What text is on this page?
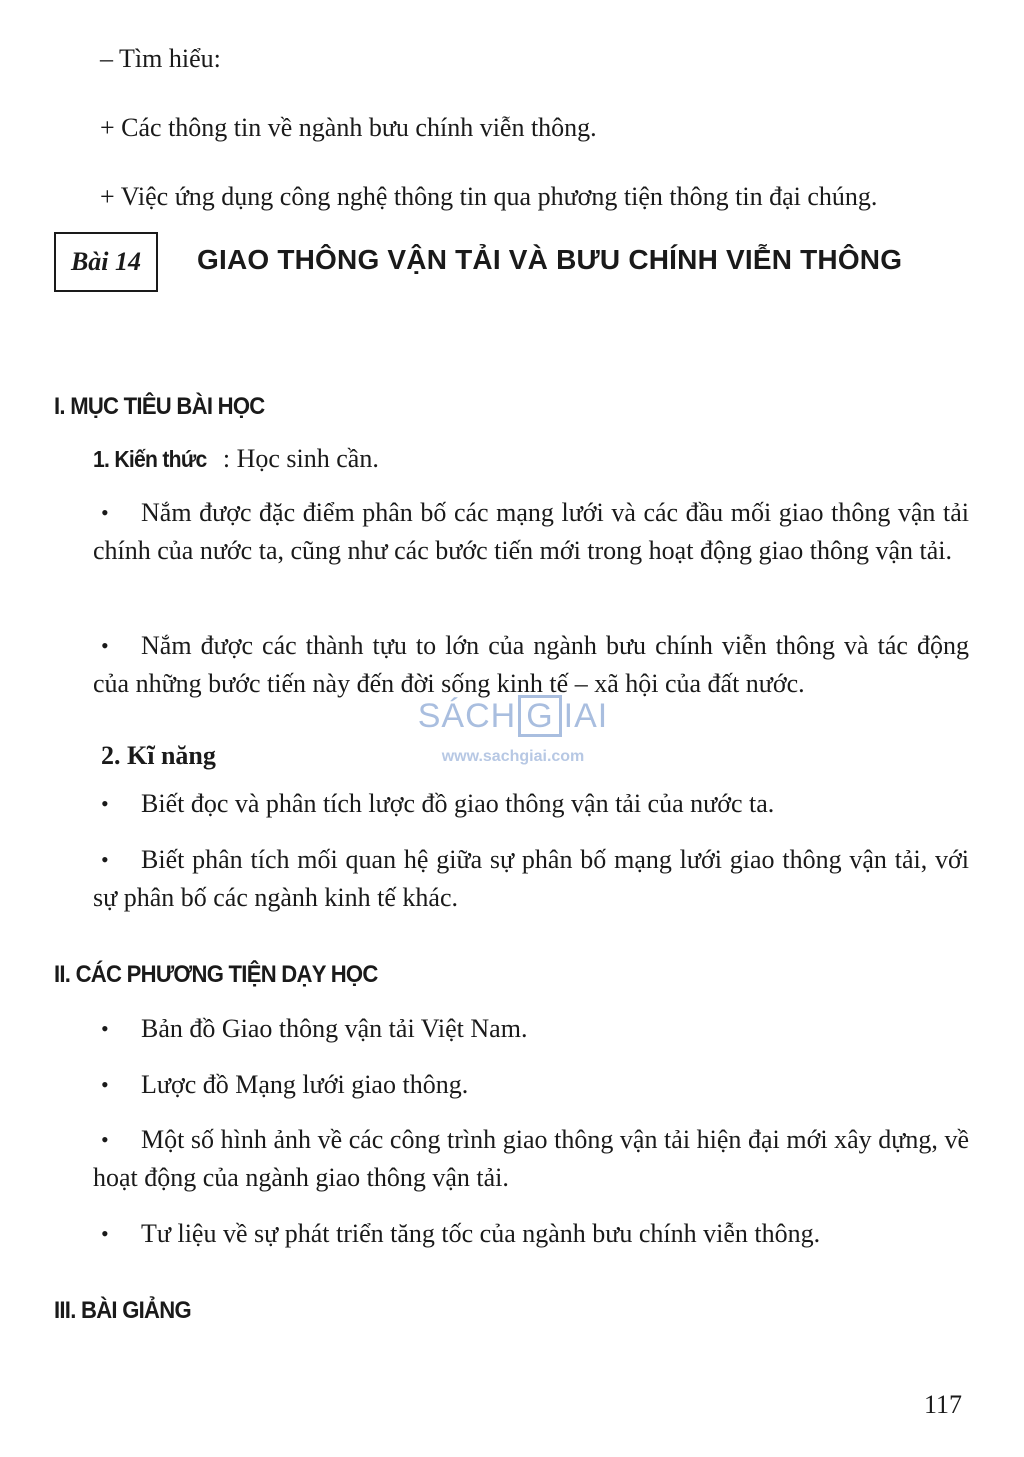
– Tìm hiểu:
+ Các thông tin về ngành bưu chính viễn thông.
+ Việc ứng dụng công nghệ thông tin qua phương tiện thông tin đại chúng.
Bài 14 GIAO THÔNG VẬN TẢI VÀ BƯU CHÍNH VIỄN THÔNG
I. MỤC TIÊU BÀI HỌC
1. Kiến thức : Học sinh cần.
•	Nắm được đặc điểm phân bố các mạng lưới và các đầu mối giao thông vận tải chính của nước ta, cũng như các bước tiến mới trong hoạt động giao thông vận tải.
•	Nắm được các thành tựu to lớn của ngành bưu chính viễn thông và tác động của những bước tiến này đến đời sống kinh tế – xã hội của đất nước.
2. Kĩ năng
• Biết đọc và phân tích lược đồ giao thông vận tải của nước ta.
•	Biết phân tích mối quan hệ giữa sự phân bố mạng lưới giao thông vận tải, với sự phân bố các ngành kinh tế khác.
II. CÁC PHƯƠNG TIỆN DẠY HỌC
• Bản đồ Giao thông vận tải Việt Nam.
• Lược đồ Mạng lưới giao thông.
•	Một số hình ảnh về các công trình giao thông vận tải hiện đại mới xây dựng, về hoạt động của ngành giao thông vận tải.
• Tư liệu về sự phát triển tăng tốc của ngành bưu chính viễn thông.
III. BÀI GIẢNG
SÁCH G IAI
www.sachgiai.com
117
